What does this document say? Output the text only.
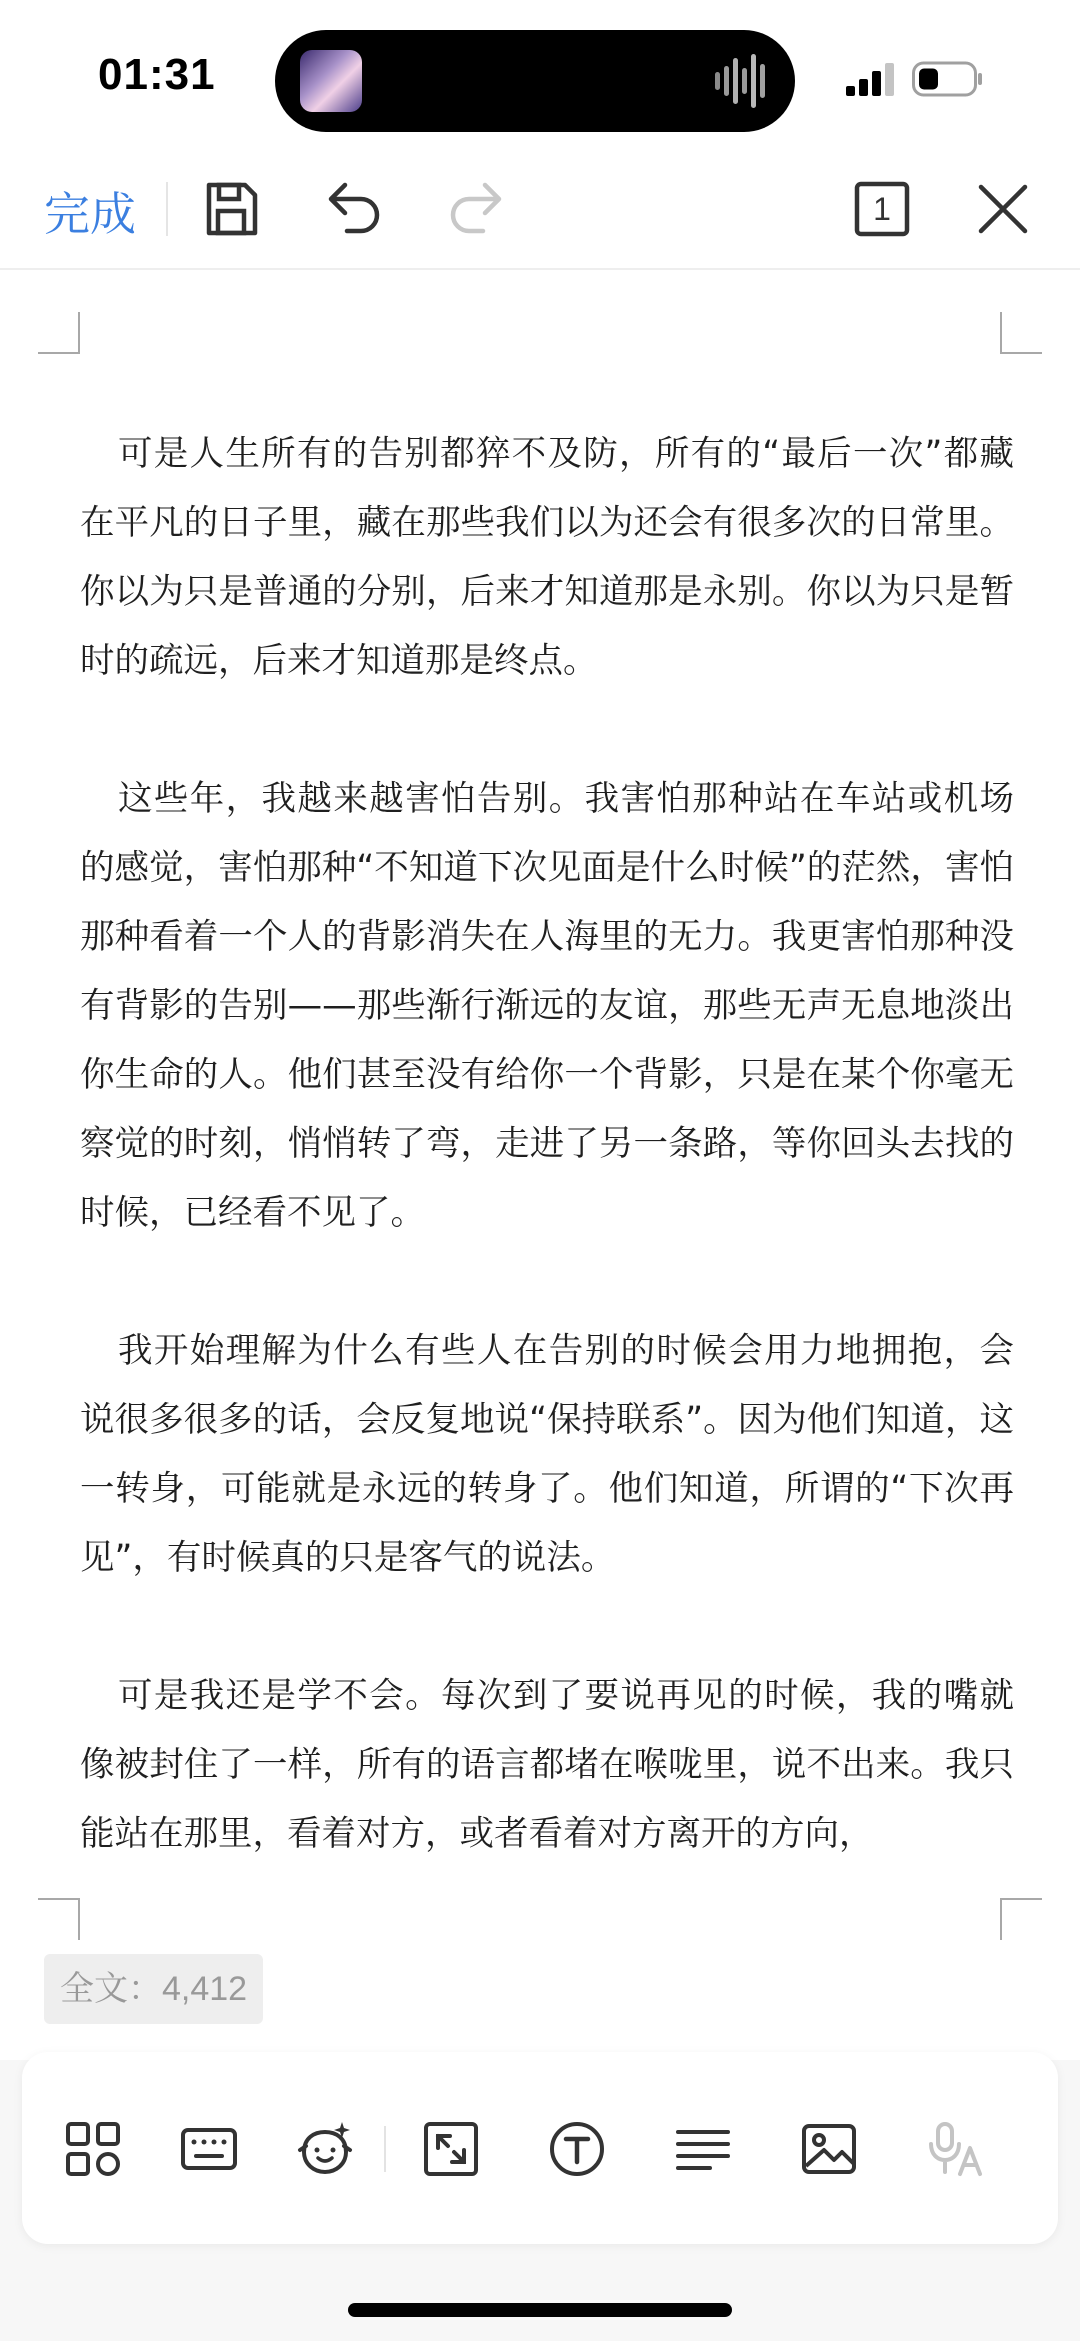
01:31
完成	1

可是人生所有的告别都猝不及防，所有的“最后一次”都藏在平凡的日子里，藏在那些我们以为还会有很多次的日常里。你以为只是普通的分别，后来才知道那是永别。你以为只是暂时的疏远，后来才知道那是终点。

这些年，我越来越害怕告别。我害怕那种站在车站或机场的感觉，害怕那种“不知道下次见面是什么时候”的茫然，害怕那种看着一个人的背影消失在人海里的无力。我更害怕那种没有背影的告别——那些渐行渐远的友谊，那些无声无息地淡出你生命的人。他们甚至没有给你一个背影，只是在某个你毫无察觉的时刻，悄悄转了弯，走进了另一条路，等你回头去找的时候，已经看不见了。

我开始理解为什么有些人在告别的时候会用力地拥抱，会说很多很多的话，会反复地说“保持联系”。因为他们知道，这一转身，可能就是永远的转身了。他们知道，所谓的“下次再见”，有时候真的只是客气的说法。

可是我还是学不会。每次到了要说再见的时候，我的嘴就像被封住了一样，所有的语言都堵在喉咙里，说不出来。我只能站在那里，看着对方，或者看着对方离开的方向，

全文：4,412
